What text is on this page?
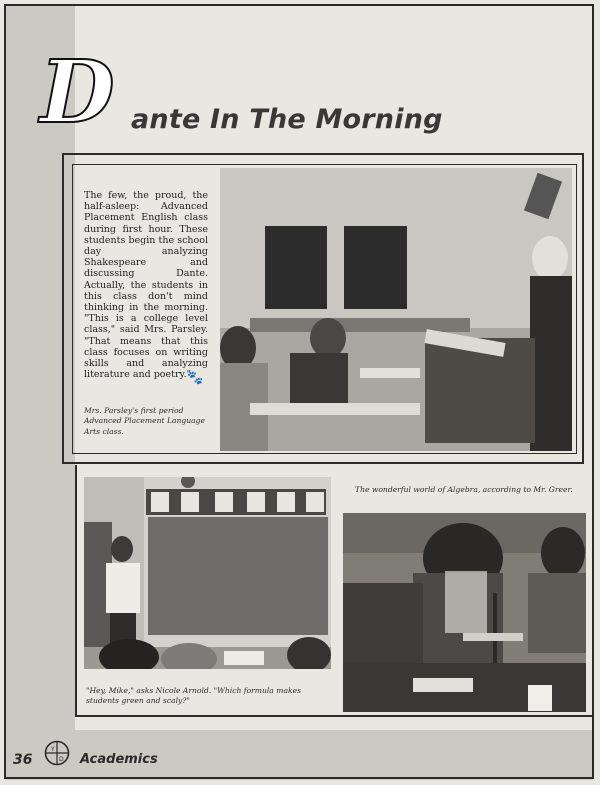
D ante In The Morning

The few, the proud, the half-asleep: Advanced Placement English class during first hour. These students begin the school day analyzing Shakespeare and discussing Dante. Actually, the students in this class don't mind thinking in the morning. "This is a college level class," said Mrs. Parsley. "That means that this class focuses on writing skills and analyzing literature and poetry."

🐾

Mrs. Parsley's first period Advanced Placement Language Arts class.

The wonderful world of Algebra, according to Mr. Greer.

"Hey, Mike," asks Nicole Arnold. "Which formula makes students green and scaly?"

36
Y
D Academics
